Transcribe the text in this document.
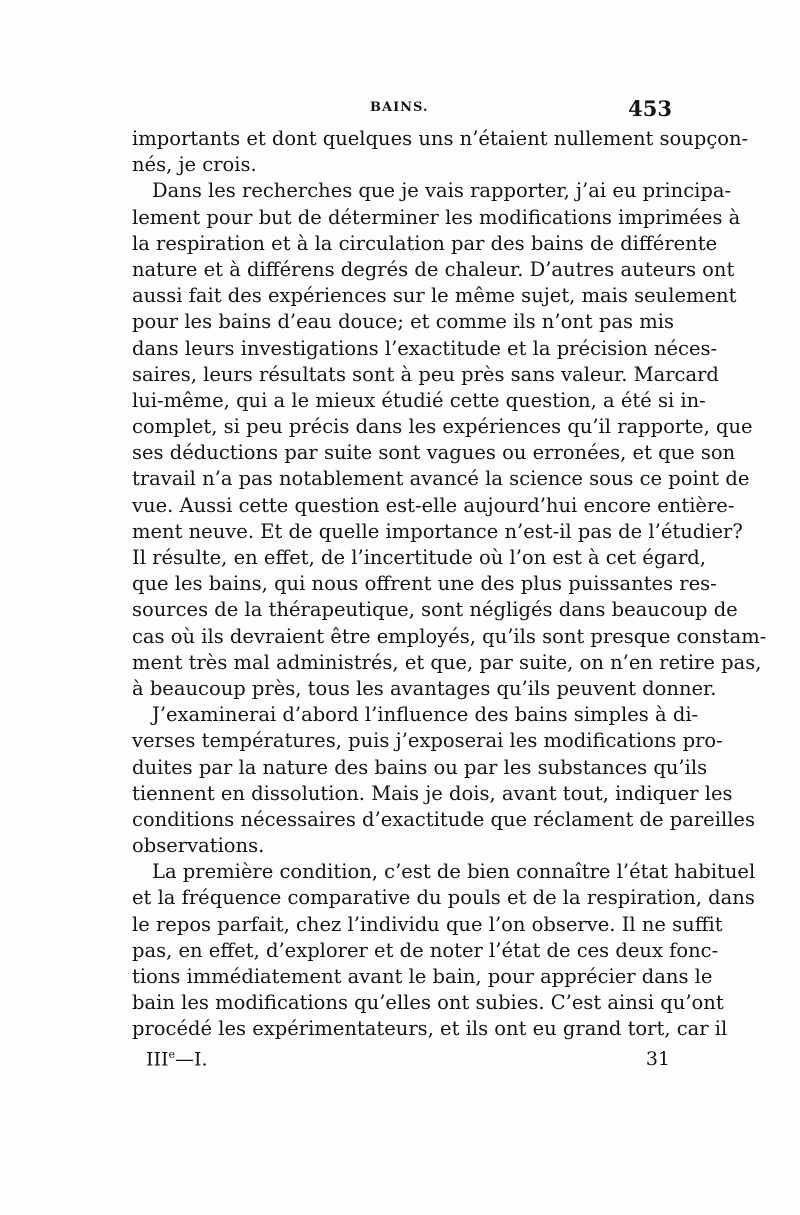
BAINS.	453
importants et dont quelques uns n’étaient nullement soupçon-
nés, je crois.
Dans les recherches que je vais rapporter, j’ai eu principa-
lement pour but de déterminer les modifications imprimées à
la respiration et à la circulation par des bains de différente
nature et à différens degrés de chaleur. D’autres auteurs ont
aussi fait des expériences sur le même sujet, mais seulement
pour les bains d’eau douce; et comme ils n’ont pas mis
dans leurs investigations l’exactitude et la précision néces-
saires, leurs résultats sont à peu près sans valeur. Marcard
lui-même, qui a le mieux étudié cette question, a été si in-
complet, si peu précis dans les expériences qu’il rapporte, que
ses déductions par suite sont vagues ou erronées, et que son
travail n’a pas notablement avancé la science sous ce point de
vue. Aussi cette question est-elle aujourd’hui encore entière-
ment neuve. Et de quelle importance n’est-il pas de l’étudier?
Il résulte, en effet, de l’incertitude où l’on est à cet égard,
que les bains, qui nous offrent une des plus puissantes res-
sources de la thérapeutique, sont négligés dans beaucoup de
cas où ils devraient être employés, qu’ils sont presque constam-
ment très mal administrés, et que, par suite, on n’en retire pas,
à beaucoup près, tous les avantages qu’ils peuvent donner.
J’examinerai d’abord l’influence des bains simples à di-
verses températures, puis j’exposerai les modifications pro-
duites par la nature des bains ou par les substances qu’ils
tiennent en dissolution. Mais je dois, avant tout, indiquer les
conditions nécessaires d’exactitude que réclament de pareilles
observations.
La première condition, c’est de bien connaître l’état habituel
et la fréquence comparative du pouls et de la respiration, dans
le repos parfait, chez l’individu que l’on observe. Il ne suffit
pas, en effet, d’explorer et de noter l’état de ces deux fonc-
tions immédiatement avant le bain, pour apprécier dans le
bain les modifications qu’elles ont subies. C’est ainsi qu’ont
procédé les expérimentateurs, et ils ont eu grand tort, car il
IIIe—I.	31
